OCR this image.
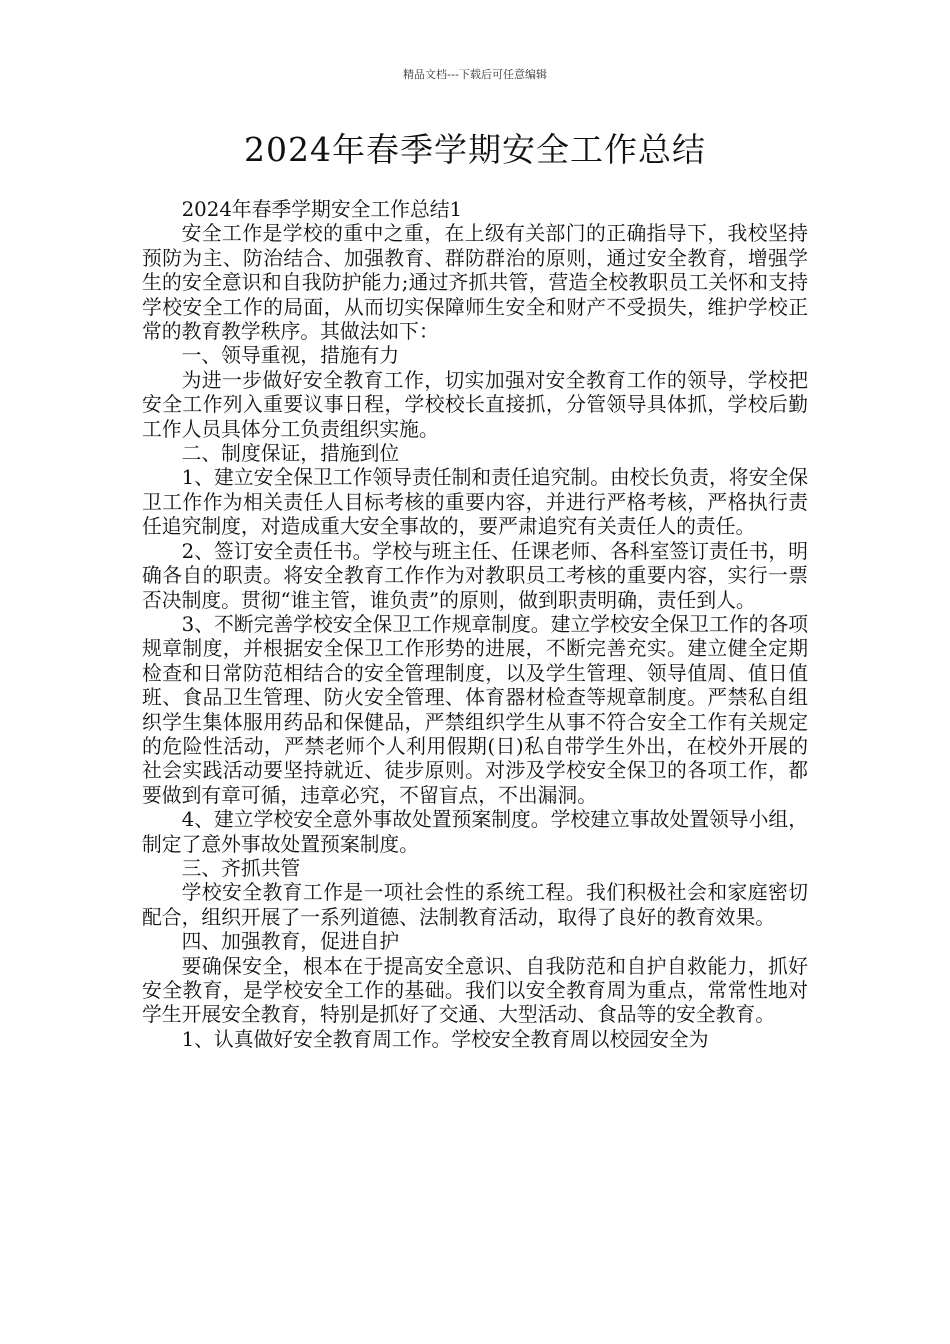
精品文档---下载后可任意编辑
2024年春季学期安全工作总结

2024年春季学期安全工作总结1

安全工作是学校的重中之重，在上级有关部门的正确指导下，我校坚持预防为主、防治结合、加强教育、群防群治的原则，通过安全教育，增强学生的安全意识和自我防护能力;通过齐抓共管，营造全校教职员工关怀和支持学校安全工作的局面，从而切实保障师生安全和财产不受损失，维护学校正常的教育教学秩序。其做法如下：

一、领导重视，措施有力

为进一步做好安全教育工作，切实加强对安全教育工作的领导，学校把安全工作列入重要议事日程，学校校长直接抓，分管领导具体抓，学校后勤工作人员具体分工负责组织实施。

二、制度保证，措施到位

1、建立安全保卫工作领导责任制和责任追究制。由校长负责，将安全保卫工作作为相关责任人目标考核的重要内容，并进行严格考核，严格执行责任追究制度，对造成重大安全事故的，要严肃追究有关责任人的责任。

2、签订安全责任书。学校与班主任、任课老师、各科室签订责任书，明确各自的职责。将安全教育工作作为对教职员工考核的重要内容，实行一票否决制度。贯彻“谁主管，谁负责”的原则，做到职责明确，责任到人。

3、不断完善学校安全保卫工作规章制度。建立学校安全保卫工作的各项规章制度，并根据安全保卫工作形势的进展，不断完善充实。建立健全定期检查和日常防范相结合的安全管理制度，以及学生管理、领导值周、值日值班、食品卫生管理、防火安全管理、体育器材检查等规章制度。严禁私自组织学生集体服用药品和保健品，严禁组织学生从事不符合安全工作有关规定的危险性活动，严禁老师个人利用假期(日)私自带学生外出，在校外开展的社会实践活动要坚持就近、徒步原则。对涉及学校安全保卫的各项工作，都要做到有章可循，违章必究，不留盲点，不出漏洞。

4、建立学校安全意外事故处置预案制度。学校建立事故处置领导小组，制定了意外事故处置预案制度。

三、齐抓共管

学校安全教育工作是一项社会性的系统工程。我们积极社会和家庭密切配合，组织开展了一系列道德、法制教育活动，取得了良好的教育效果。

四、加强教育，促进自护

要确保安全，根本在于提高安全意识、自我防范和自护自救能力，抓好安全教育，是学校安全工作的基础。我们以安全教育周为重点，常常性地对学生开展安全教育，特别是抓好了交通、大型活动、食品等的安全教育。

1、认真做好安全教育周工作。学校安全教育周以校园安全为
